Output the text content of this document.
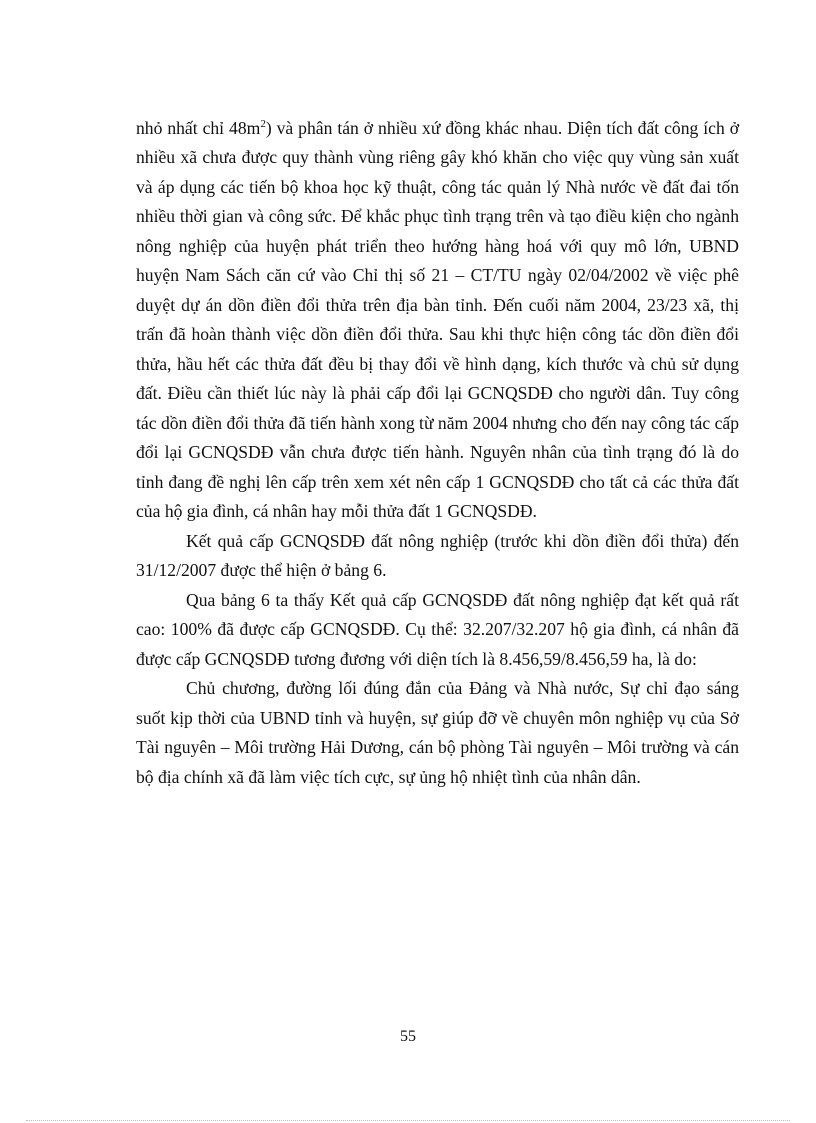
nhỏ nhất chỉ $48m^2$) và phân tán ở nhiều xứ đồng khác nhau. Diện tích đất công ích ở nhiều xã chưa được quy thành vùng riêng gây khó khăn cho việc quy vùng sản xuất và áp dụng các tiến bộ khoa học kỹ thuật, công tác quản lý Nhà nước về đất đai tốn nhiều thời gian và công sức. Để khắc phục tình trạng trên và tạo điều kiện cho ngành nông nghiệp của huyện phát triển theo hướng hàng hoá với quy mô lớn, UBND huyện Nam Sách căn cứ vào Chỉ thị số 21 – CT/TU ngày 02/04/2002 về việc phê duyệt dự án dồn điền đổi thửa trên địa bàn tỉnh. Đến cuối năm 2004, 23/23 xã, thị trấn đã hoàn thành việc dồn điền đổi thửa. Sau khi thực hiện công tác dồn điền đổi thửa, hầu hết các thửa đất đều bị thay đổi về hình dạng, kích thước và chủ sử dụng đất. Điều cần thiết lúc này là phải cấp đổi lại GCNQSDĐ cho người dân. Tuy công tác dồn điền đổi thửa đã tiến hành xong từ năm 2004 nhưng cho đến nay công tác cấp đổi lại GCNQSDĐ vẫn chưa được tiến hành. Nguyên nhân của tình trạng đó là do tỉnh đang đề nghị lên cấp trên xem xét nên cấp 1 GCNQSDĐ cho tất cả các thửa đất của hộ gia đình, cá nhân hay mỗi thửa đất 1 GCNQSDĐ.

Kết quả cấp GCNQSDĐ đất nông nghiệp (trước khi dồn điền đổi thửa) đến 31/12/2007 được thể hiện ở bảng 6.

Qua bảng 6 ta thấy Kết quả cấp GCNQSDĐ đất nông nghiệp đạt kết quả rất cao: 100% đã được cấp GCNQSDĐ. Cụ thể: 32.207/32.207 hộ gia đình, cá nhân đã được cấp GCNQSDĐ tương đương với diện tích là 8.456,59/8.456,59 ha, là do:

Chủ chương, đường lối đúng đắn của Đảng và Nhà nước, Sự chỉ đạo sáng suốt kịp thời của UBND tỉnh và huyện, sự giúp đỡ về chuyên môn nghiệp vụ của Sở Tài nguyên – Môi trường Hải Dương, cán bộ phòng Tài nguyên – Môi trường và cán bộ địa chính xã đã làm việc tích cực, sự ủng hộ nhiệt tình của nhân dân.

55
